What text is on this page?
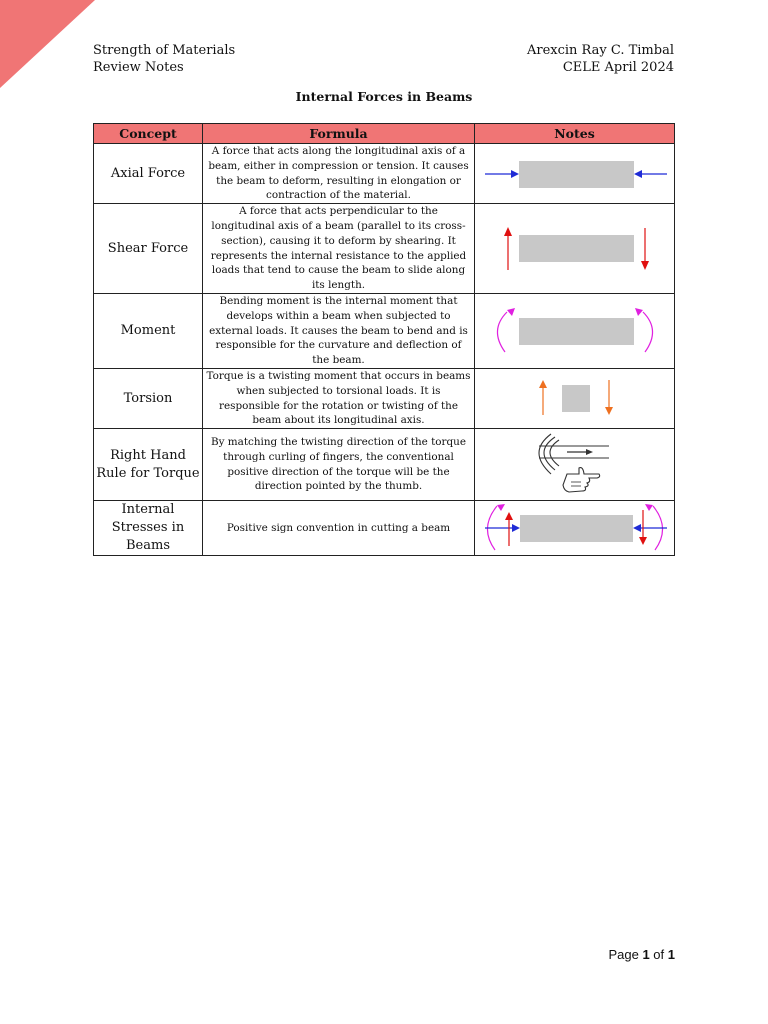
Strength of Materials
Review Notes
Arexcin Ray C. Timbal
CELE April 2024
Internal Forces in Beams
Concept	Formula	Notes
Axial Force	A force that acts along the longitudinal axis of a beam, either in compression or tension. It causes the beam to deform, resulting in elongation or contraction of the material.	

Shear Force	A force that acts perpendicular to the longitudinal axis of a beam (parallel to its cross-section), causing it to deform by shearing. It represents the internal resistance to the applied loads that tend to cause the beam to slide along its length.	

Moment	Bending moment is the internal moment that develops within a beam when subjected to external loads. It causes the beam to bend and is responsible for the curvature and deflection of the beam.	

Torsion	Torque is a twisting moment that occurs in beams when subjected to torsional loads. It is responsible for the rotation or twisting of the beam about its longitudinal axis.	

Right Hand Rule for Torque	By matching the twisting direction of the torque through curling of fingers, the conventional positive direction of the torque will be the direction pointed by the thumb.	

Internal Stresses in Beams	Positive sign convention in cutting a beam	
Page 1 of 1
